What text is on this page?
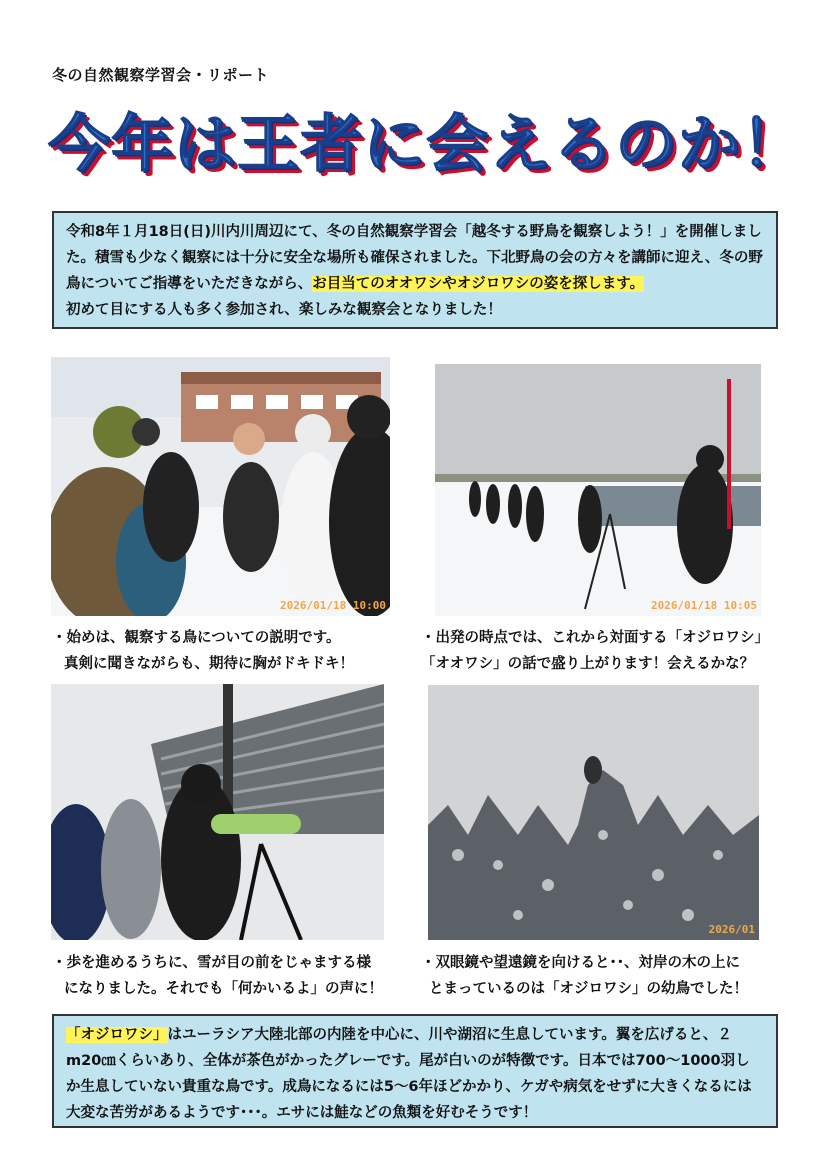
冬の自然観察学習会・リポート
今年は王者に会えるのか！
令和8年１月18日(日)川内川周辺にて、冬の自然観察学習会「越冬する野鳥を観察しよう！」を開催しました。積雪も少なく観察には十分に安全な場所も確保されました。下北野鳥の会の方々を講師に迎え、冬の野鳥についてご指導をいただきながら、お目当てのオオワシやオジロワシの姿を探します。
初めて目にする人も多く参加され、楽しみな観察会となりました！
2026/01/18 10:00	2026/01/18 10:05
・始めは、観察する鳥についての説明です。
真剣に聞きながらも、期待に胸がドキドキ！
・出発の時点では、これから対面する「オジロワシ」
「オオワシ」の話で盛り上がります！会えるかな？
2026/01
・歩を進めるうちに、雪が目の前をじゃまする様
になりました。それでも「何かいるよ」の声に！
・双眼鏡や望遠鏡を向けると･･、対岸の木の上に
とまっているのは「オジロワシ」の幼鳥でした！
「オジロワシ」はユーラシア大陸北部の内陸を中心に、川や湖沼に生息しています。翼を広げると、２m20㎝くらいあり、全体が茶色がかったグレーです。尾が白いのが特徴です。日本では700～1000羽しか生息していない貴重な鳥です。成鳥になるには5～6年ほどかかり、ケガや病気をせずに大きくなるには大変な苦労があるようです･･･。エサには鮭などの魚類を好むそうです！
